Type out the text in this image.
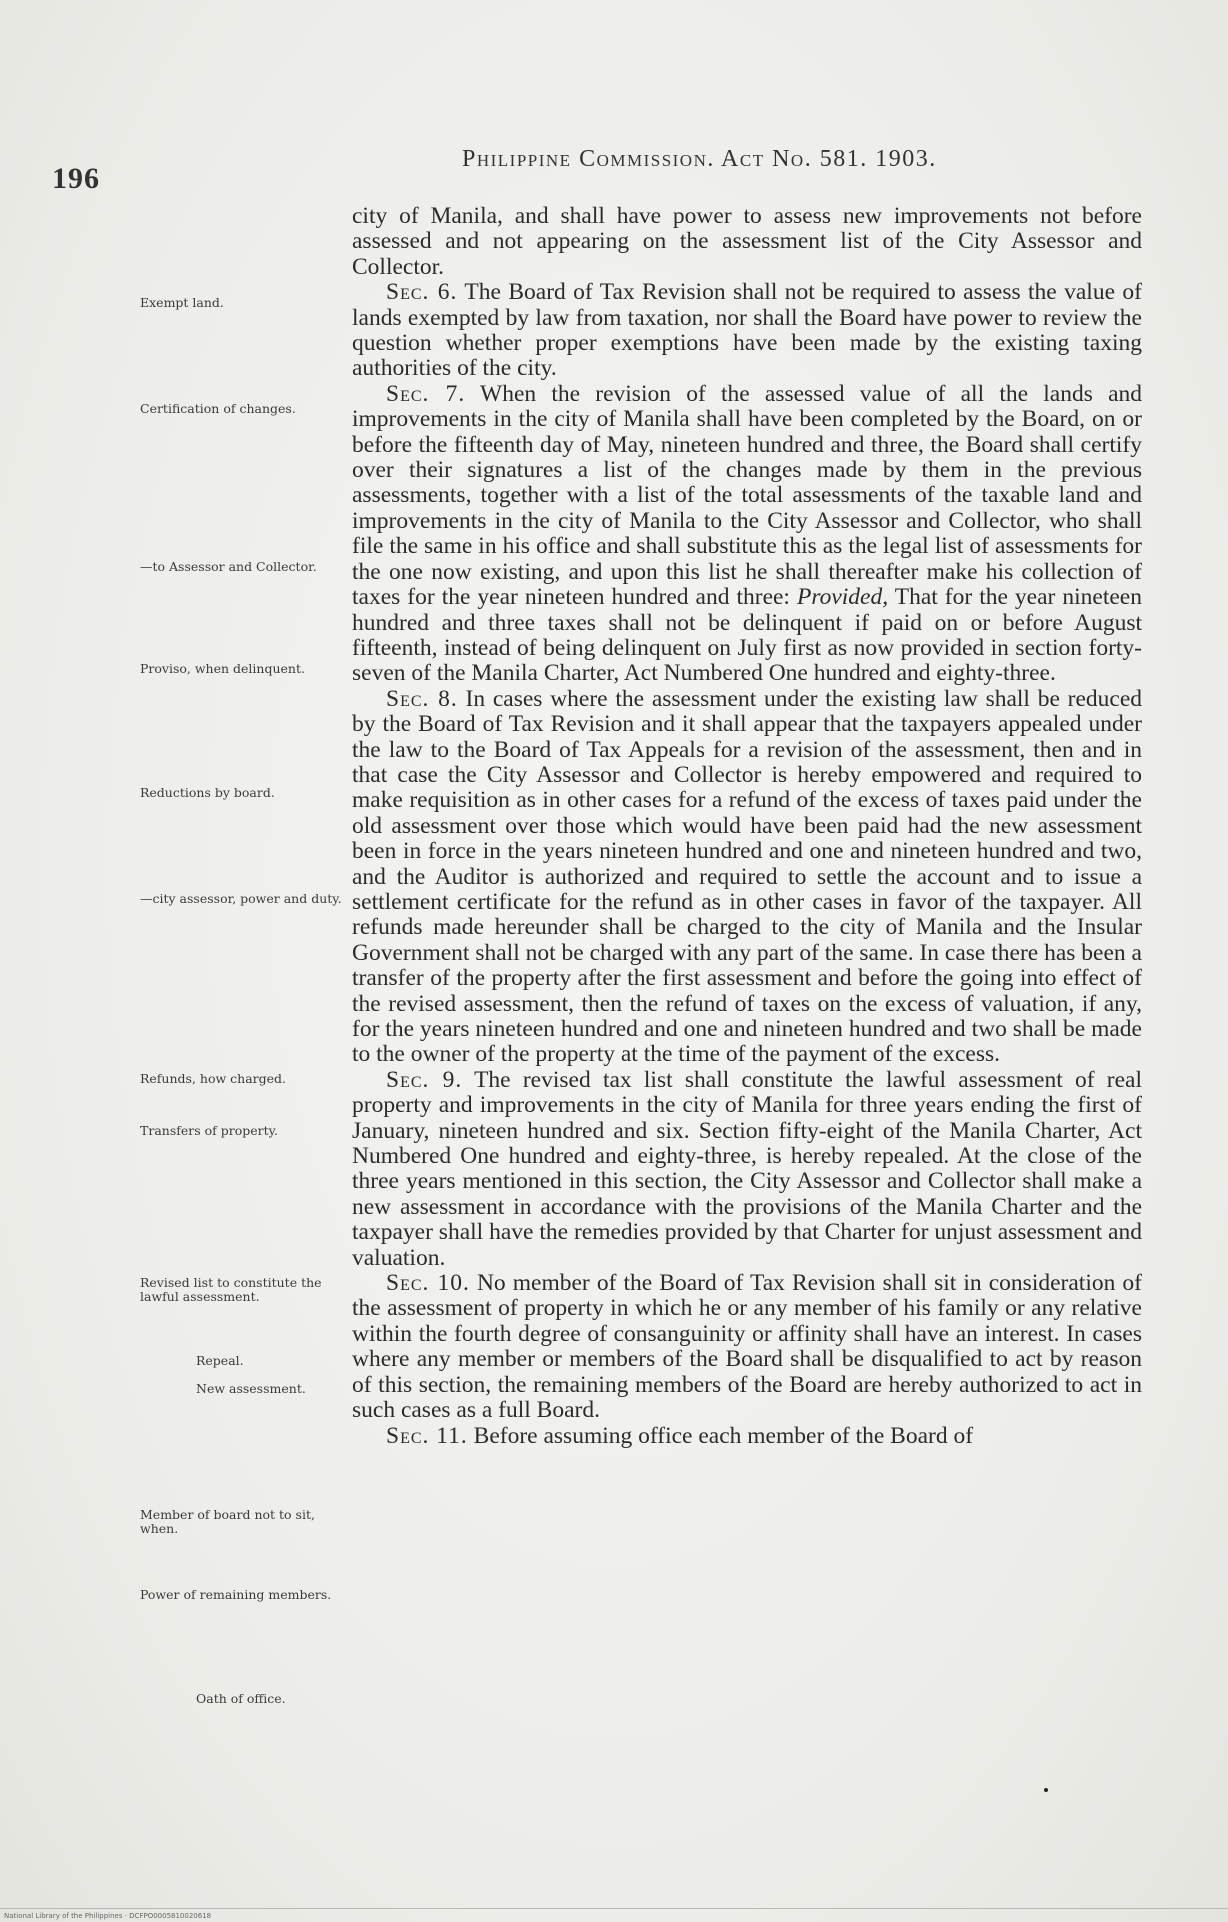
196
Philippine Commission. Act No. 581. 1903.
Exempt land.
Certification of changes.
—to Assessor and Collector.
Proviso, when delinquent.
Reductions by board.
—city assessor, power and duty.
Refunds, how charged.
Transfers of property.
Revised list to constitute the lawful assessment.
Repeal.
New assessment.
Member of board not to sit, when.
Power of remaining members.
Oath of office.

city of Manila, and shall have power to assess new improvements not before assessed and not appearing on the assessment list of the City Assessor and Collector.

Sec. 6. The Board of Tax Revision shall not be required to assess the value of lands exempted by law from taxation, nor shall the Board have power to review the question whether proper exemptions have been made by the existing taxing authorities of the city.

Sec. 7. When the revision of the assessed value of all the lands and improvements in the city of Manila shall have been completed by the Board, on or before the fifteenth day of May, nineteen hundred and three, the Board shall certify over their signatures a list of the changes made by them in the previous assessments, together with a list of the total assessments of the taxable land and improvements in the city of Manila to the City Assessor and Collector, who shall file the same in his office and shall substitute this as the legal list of assessments for the one now existing, and upon this list he shall thereafter make his collection of taxes for the year nineteen hundred and three: Provided, That for the year nineteen hundred and three taxes shall not be delinquent if paid on or before August fifteenth, instead of being delinquent on July first as now provided in section forty-seven of the Manila Charter, Act Numbered One hundred and eighty-three.

Sec. 8. In cases where the assessment under the existing law shall be reduced by the Board of Tax Revision and it shall appear that the taxpayers appealed under the law to the Board of Tax Appeals for a revision of the assessment, then and in that case the City Assessor and Collector is hereby empowered and required to make requisition as in other cases for a refund of the excess of taxes paid under the old assessment over those which would have been paid had the new assessment been in force in the years nineteen hundred and one and nineteen hundred and two, and the Auditor is authorized and required to settle the account and to issue a settlement certificate for the refund as in other cases in favor of the taxpayer. All refunds made hereunder shall be charged to the city of Manila and the Insular Government shall not be charged with any part of the same. In case there has been a transfer of the property after the first assessment and before the going into effect of the revised assessment, then the refund of taxes on the excess of valuation, if any, for the years nineteen hundred and one and nineteen hundred and two shall be made to the owner of the property at the time of the payment of the excess.

Sec. 9. The revised tax list shall constitute the lawful assessment of real property and improvements in the city of Manila for three years ending the first of January, nineteen hundred and six. Section fifty-eight of the Manila Charter, Act Numbered One hundred and eighty-three, is hereby repealed. At the close of the three years mentioned in this section, the City Assessor and Collector shall make a new assessment in accordance with the provisions of the Manila Charter and the taxpayer shall have the remedies provided by that Charter for unjust assessment and valuation.

Sec. 10. No member of the Board of Tax Revision shall sit in consideration of the assessment of property in which he or any member of his family or any relative within the fourth degree of consanguinity or affinity shall have an interest. In cases where any member or members of the Board shall be disqualified to act by reason of this section, the remaining members of the Board are hereby authorized to act in such cases as a full Board.

Sec. 11. Before assuming office each member of the Board of

National Library of the Philippines · DCFPO0005810020618
